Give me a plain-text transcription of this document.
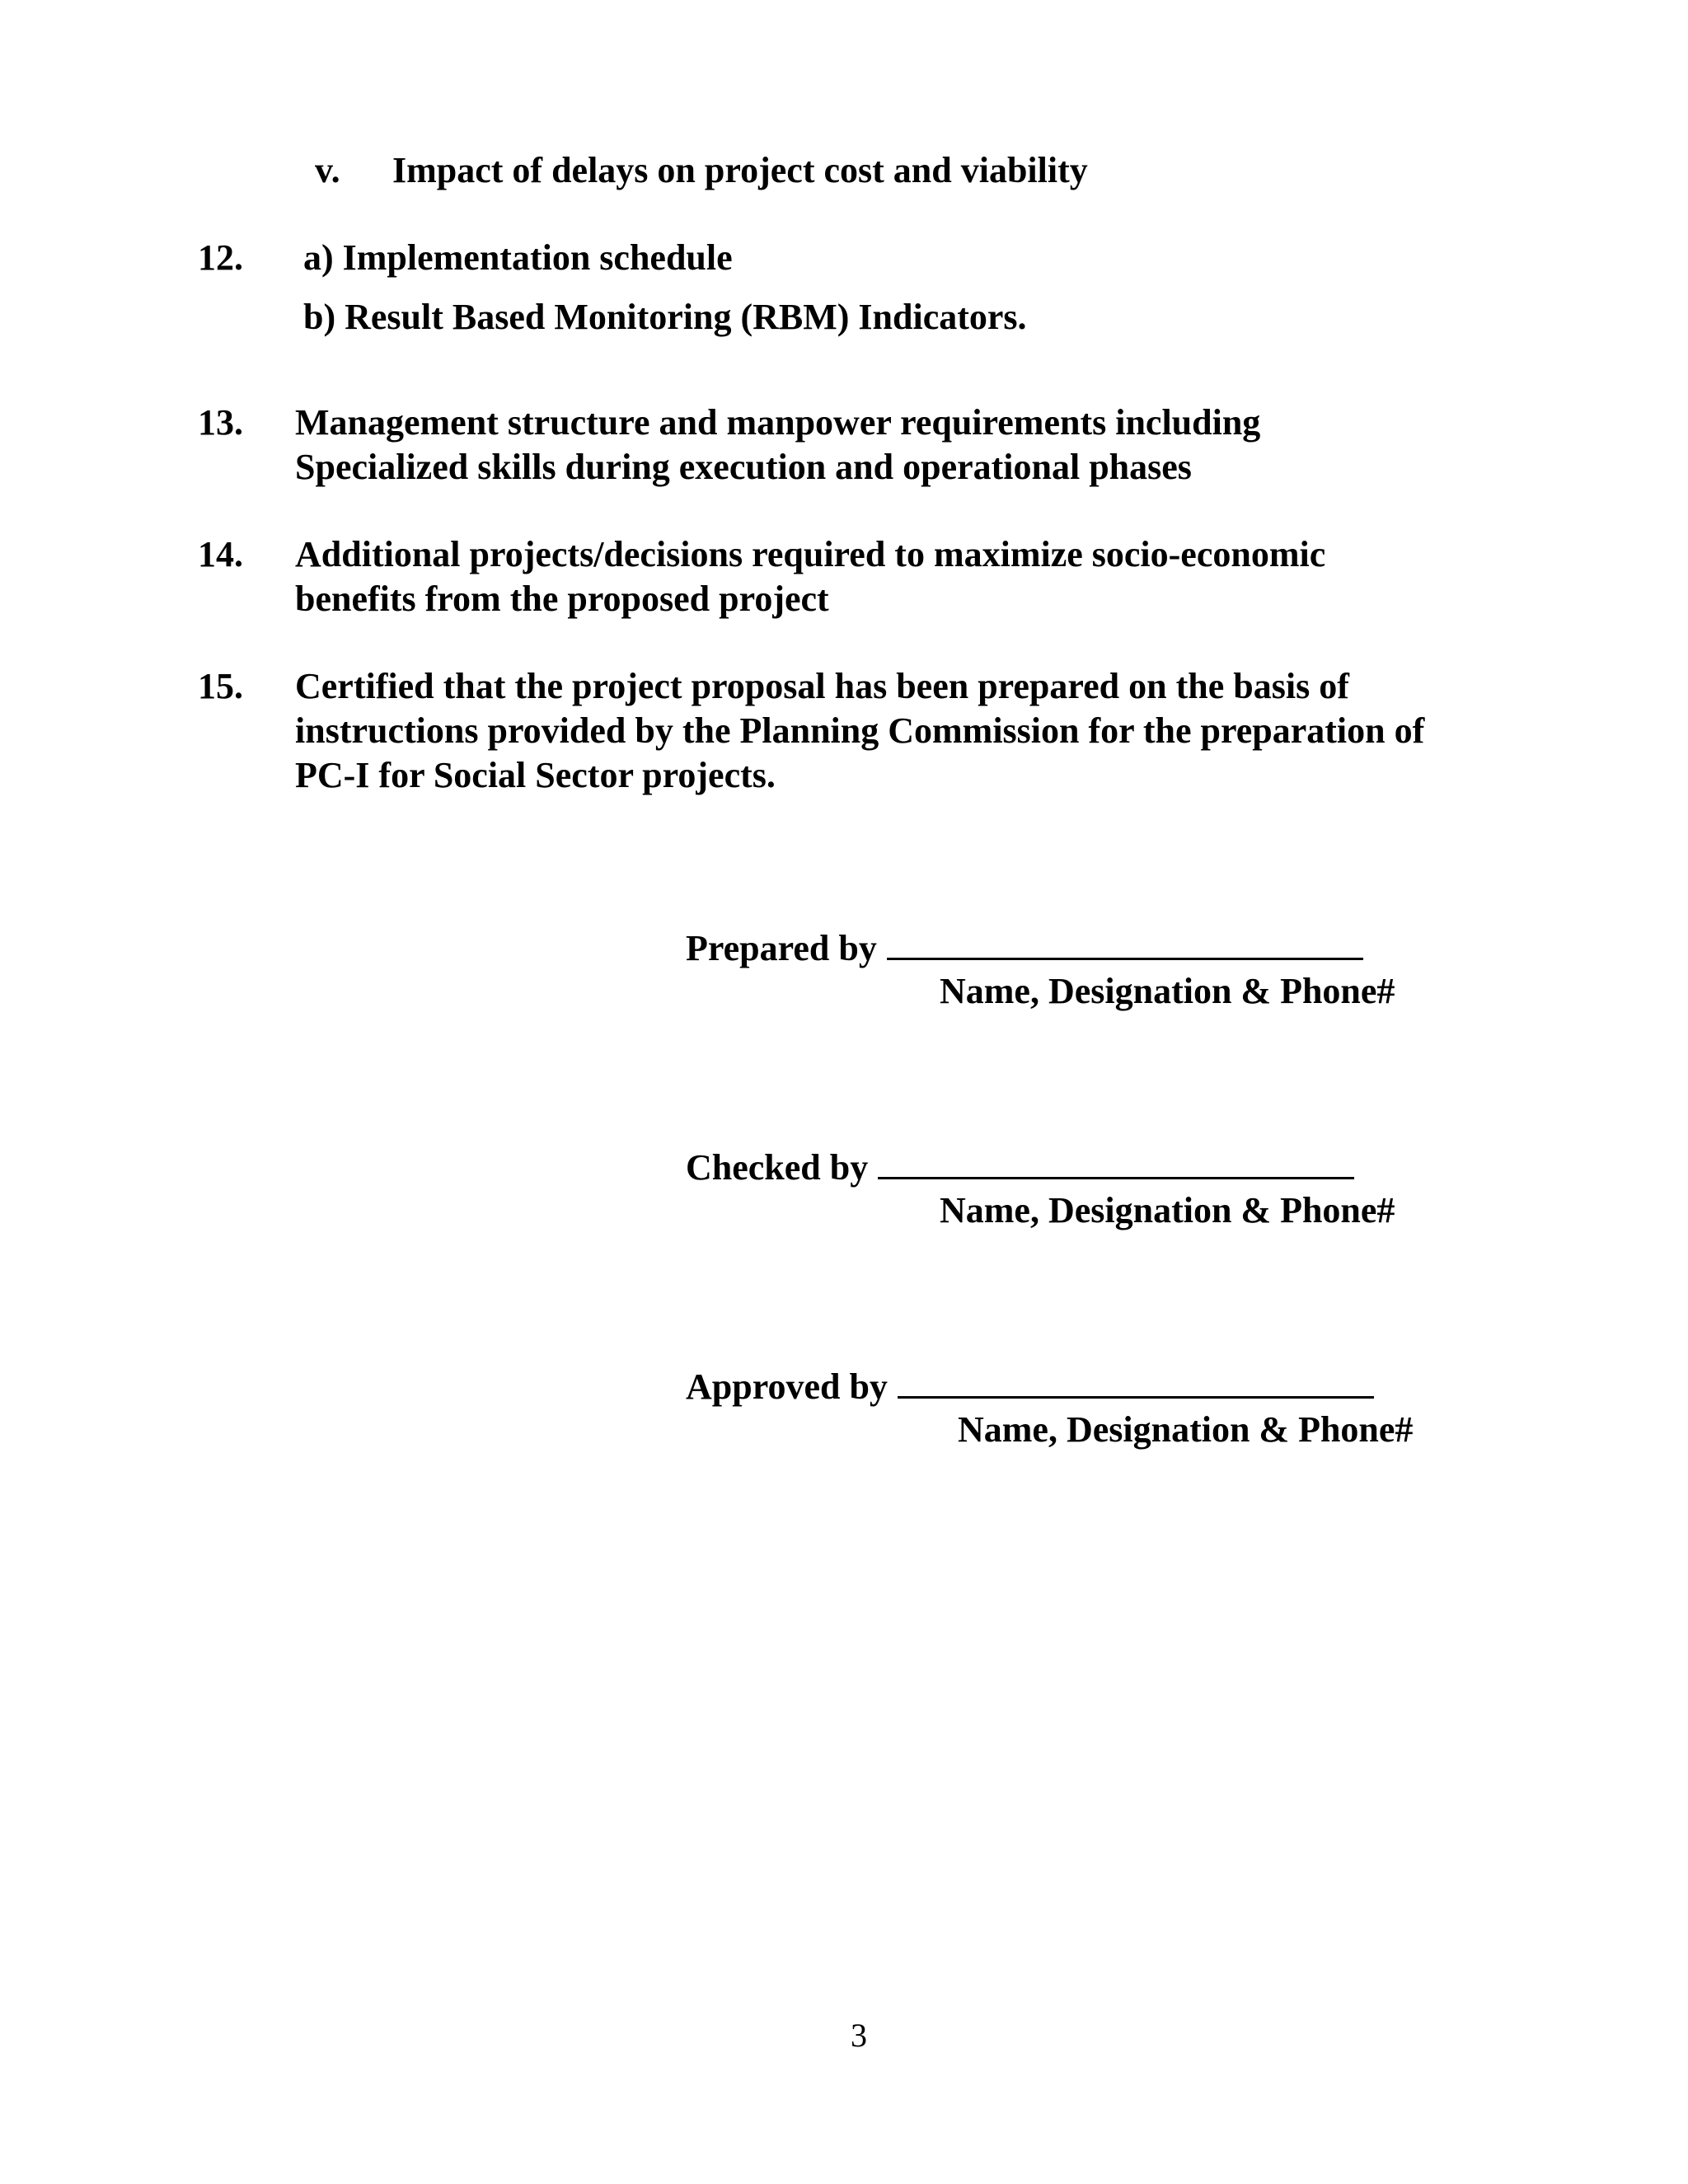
v. Impact of delays on project cost and viability
12. a) Implementation schedule
b) Result Based Monitoring (RBM) Indicators.
13. Management structure and manpower requirements including
Specialized skills during execution and operational phases
14. Additional projects/decisions required to maximize socio-economic
benefits from the proposed project
15. Certified that the project proposal has been prepared on the basis of
instructions provided by the Planning Commission for the preparation of
PC-I for Social Sector projects.
Prepared by
Name, Designation & Phone#
Checked by
Name, Designation & Phone#
Approved by
Name, Designation & Phone#
3
